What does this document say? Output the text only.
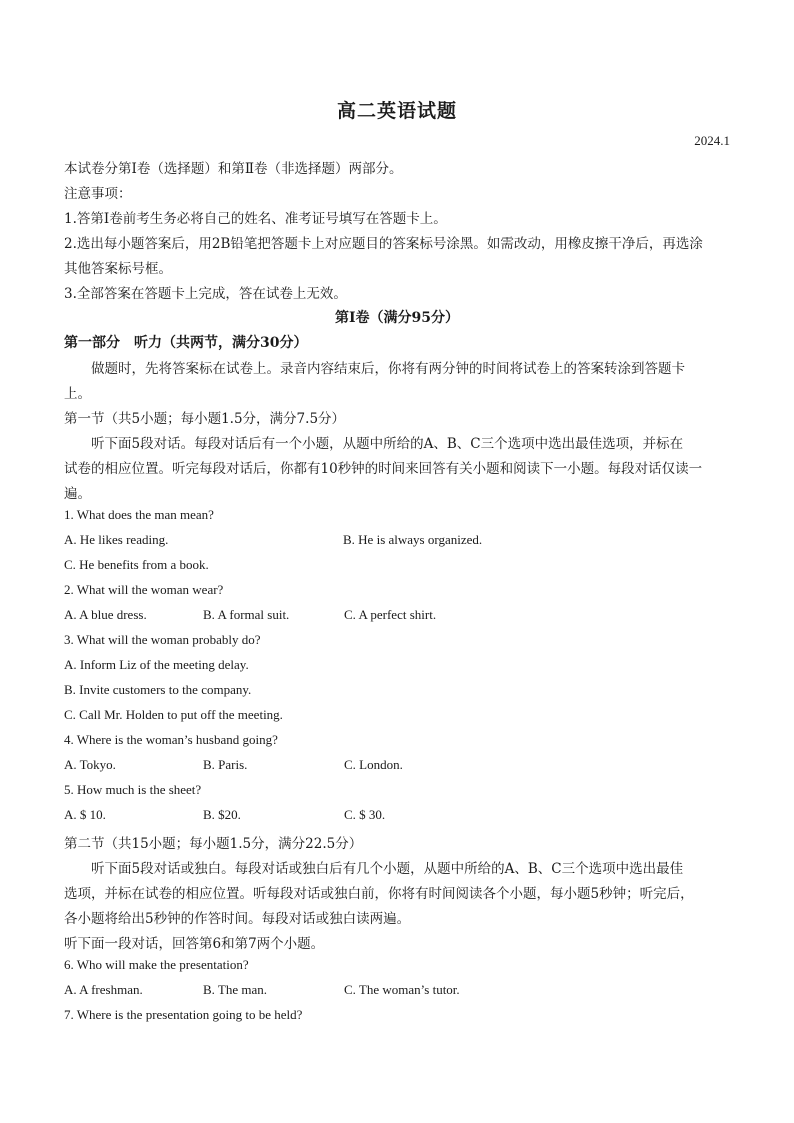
高二英语试题
2024.1
本试卷分第Ⅰ卷（选择题）和第Ⅱ卷（非选择题）两部分。
注意事项：
1.答第Ⅰ卷前考生务必将自己的姓名、准考证号填写在答题卡上。
2.选出每小题答案后，用2B铅笔把答题卡上对应题目的答案标号涂黑。如需改动，用橡皮擦干净后，再选涂
其他答案标号框。
3.全部答案在答题卡上完成，答在试卷上无效。
第Ⅰ卷（满分95分）
第一部分　听力（共两节，满分30分）
做题时，先将答案标在试卷上。录音内容结束后，你将有两分钟的时间将试卷上的答案转涂到答题卡
上。
第一节（共5小题；每小题1.5分，满分7.5分）
听下面5段对话。每段对话后有一个小题，从题中所给的A、B、C三个选项中选出最佳选项，并标在
试卷的相应位置。听完每段对话后，你都有10秒钟的时间来回答有关小题和阅读下一小题。每段对话仅读一
遍。
1. What does the man mean?
A. He likes reading.	B. He is always organized.
C. He benefits from a book.
2. What will the woman wear?
A. A blue dress.	B. A formal suit.	C. A perfect shirt.
3. What will the woman probably do?
A. Inform Liz of the meeting delay.
B. Invite customers to the company.
C. Call Mr. Holden to put off the meeting.
4. Where is the woman’s husband going?
A. Tokyo.	B. Paris.	C. London.
5. How much is the sheet?
A. $ 10.	B. $20.	C. $ 30.
第二节（共15小题；每小题1.5分，满分22.5分）
听下面5段对话或独白。每段对话或独白后有几个小题，从题中所给的A、B、C三个选项中选出最佳
选项，并标在试卷的相应位置。听每段对话或独白前，你将有时间阅读各个小题，每小题5秒钟；听完后，
各小题将给出5秒钟的作答时间。每段对话或独白读两遍。
听下面一段对话，回答第6和第7两个小题。
6. Who will make the presentation?
A. A freshman.	B. The man.	C. The woman’s tutor.
7. Where is the presentation going to be held?
